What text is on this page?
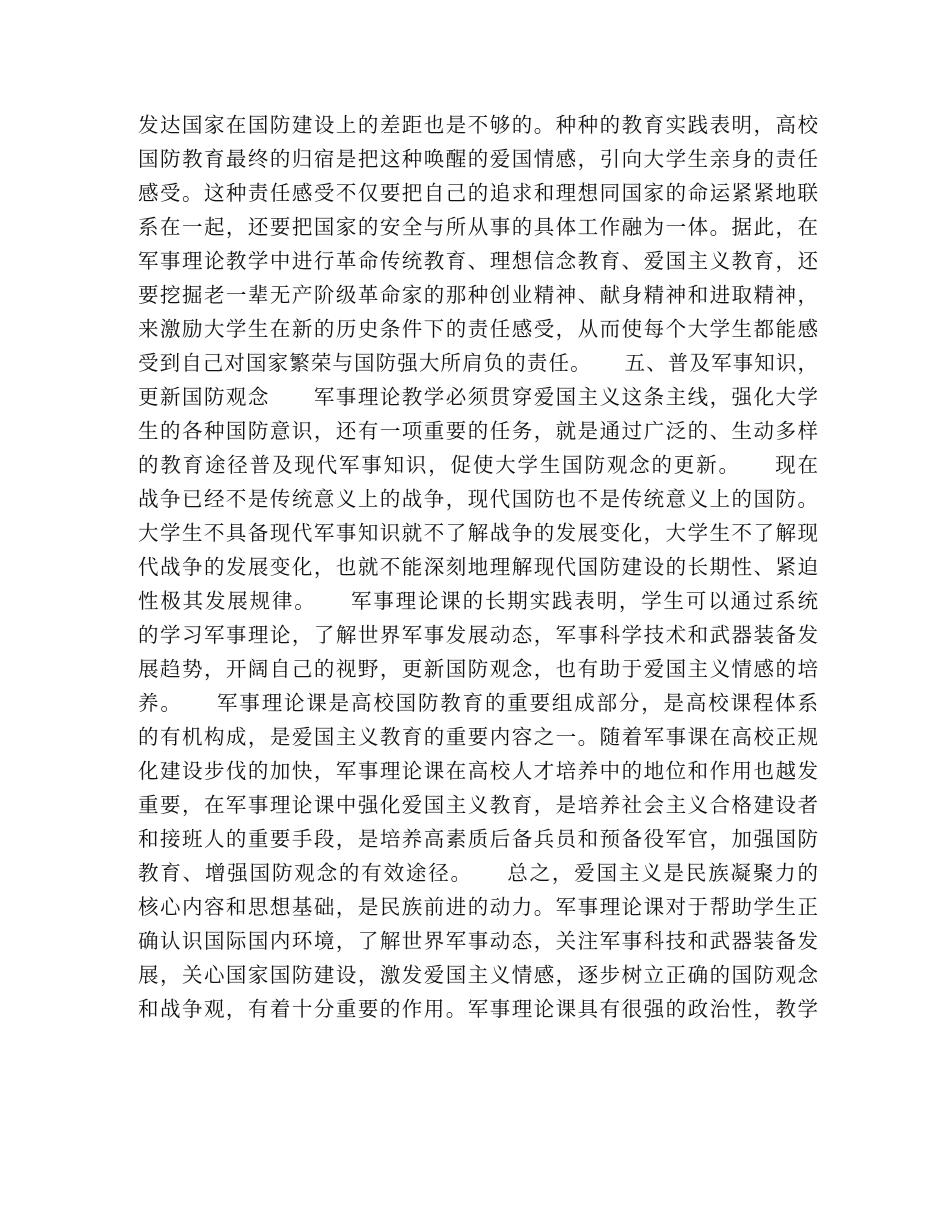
发达国家在国防建设上的差距也是不够的。种种的教育实践表明，高校
国防教育最终的归宿是把这种唤醒的爱国情感，引向大学生亲身的责任
感受。这种责任感受不仅要把自己的追求和理想同国家的命运紧紧地联
系在一起，还要把国家的安全与所从事的具体工作融为一体。据此，在
军事理论教学中进行革命传统教育、理想信念教育、爱国主义教育，还
要挖掘老一辈无产阶级革命家的那种创业精神、献身精神和进取精神，
来激励大学生在新的历史条件下的责任感受，从而使每个大学生都能感
受到自己对国家繁荣与国防强大所肩负的责任。　　五、普及军事知识，
更新国防观念　　军事理论教学必须贯穿爱国主义这条主线，强化大学
生的各种国防意识，还有一项重要的任务，就是通过广泛的、生动多样
的教育途径普及现代军事知识，促使大学生国防观念的更新。　　现在
战争已经不是传统意义上的战争，现代国防也不是传统意义上的国防。
大学生不具备现代军事知识就不了解战争的发展变化，大学生不了解现
代战争的发展变化，也就不能深刻地理解现代国防建设的长期性、紧迫
性极其发展规律。　　军事理论课的长期实践表明，学生可以通过系统
的学习军事理论，了解世界军事发展动态，军事科学技术和武器装备发
展趋势，开阔自己的视野，更新国防观念，也有助于爱国主义情感的培
养。　　军事理论课是高校国防教育的重要组成部分，是高校课程体系
的有机构成，是爱国主义教育的重要内容之一。随着军事课在高校正规
化建设步伐的加快，军事理论课在高校人才培养中的地位和作用也越发
重要，在军事理论课中强化爱国主义教育，是培养社会主义合格建设者
和接班人的重要手段，是培养高素质后备兵员和预备役军官，加强国防
教育、增强国防观念的有效途径。　　总之，爱国主义是民族凝聚力的
核心内容和思想基础，是民族前进的动力。军事理论课对于帮助学生正
确认识国际国内环境，了解世界军事动态，关注军事科技和武器装备发
展，关心国家国防建设，激发爱国主义情感，逐步树立正确的国防观念
和战争观，有着十分重要的作用。军事理论课具有很强的政治性，教学
